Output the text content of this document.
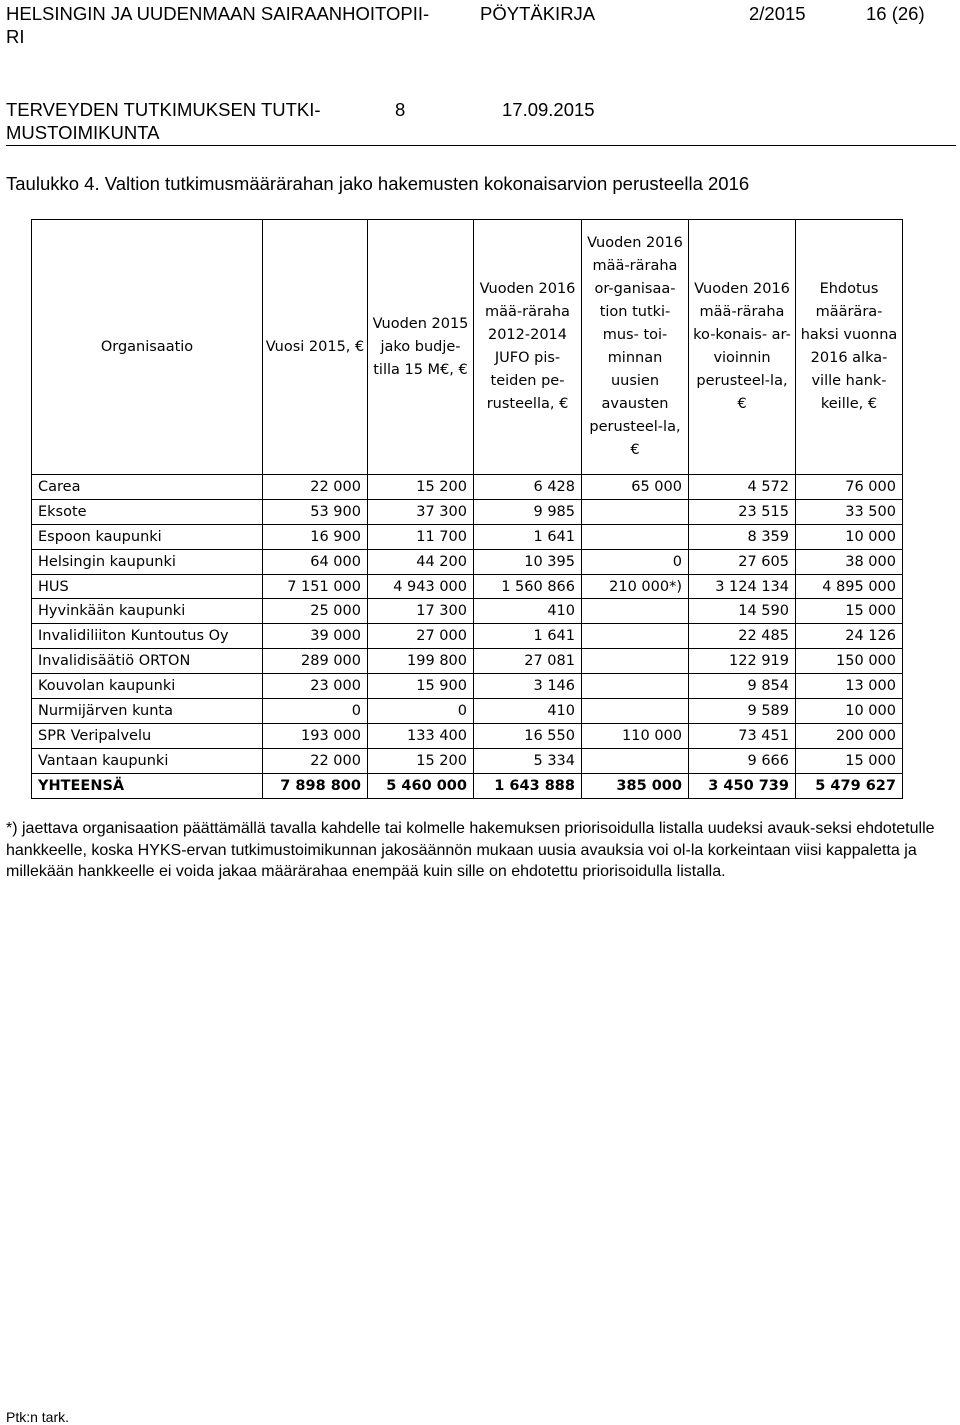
HELSINGIN JA UUDENMAAN SAIRAANHOITOPII-
RI
PÖYTÄKIRJA	2/2015	16 (26)
TERVEYDEN TUTKIMUKSEN TUTKI-
MUSTOIMIKUNTA
8	17.09.2015
Taulukko 4. Valtion tutkimusmäärärahan jako hakemusten kokonaisarvion perusteella 2016
Organisaatio	Vuosi 2015, €	Vuoden 2015 jako budje-tilla 15 M€, €	Vuoden 2016 mää-räraha 2012-2014 JUFO pis-teiden pe-rusteella, €	Vuoden 2016 mää-räraha or-ganisaa-tion tutki-mus- toi-minnan uusien avausten perusteel-la, €	Vuoden 2016 mää-räraha ko-konais- ar-vioinnin perusteel-la, €	Ehdotus määrära-haksi vuonna 2016 alka-ville hank-keille, €
Carea	22 000	15 200	6 428	65 000	4 572	76 000
Eksote	53 900	37 300	9 985		23 515	33 500
Espoon kaupunki	16 900	11 700	1 641		8 359	10 000
Helsingin kaupunki	64 000	44 200	10 395	0	27 605	38 000
HUS	7 151 000	4 943 000	1 560 866	210 000*)	3 124 134	4 895 000
Hyvinkään kaupunki	25 000	17 300	410		14 590	15 000
Invalidiliiton Kuntoutus Oy	39 000	27 000	1 641		22 485	24 126
Invalidisäätiö ORTON	289 000	199 800	27 081		122 919	150 000
Kouvolan kaupunki	23 000	15 900	3 146		9 854	13 000
Nurmijärven kunta	0	0	410		9 589	10 000
SPR Veripalvelu	193 000	133 400	16 550	110 000	73 451	200 000
Vantaan kaupunki	22 000	15 200	5 334		9 666	15 000
YHTEENSÄ	7 898 800	5 460 000	1 643 888	385 000	3 450 739	5 479 627
*) jaettava organisaation päättämällä tavalla kahdelle tai kolmelle hakemuksen priorisoidulla listalla uudeksi avauk-seksi ehdotetulle hankkeelle, koska HYKS-ervan tutkimustoimikunnan jakosäännön mukaan uusia avauksia voi ol-la korkeintaan viisi kappaletta ja millekään hankkeelle ei voida jakaa määrärahaa enempää kuin sille on ehdotettu priorisoidulla listalla.
Ptk:n tark.
